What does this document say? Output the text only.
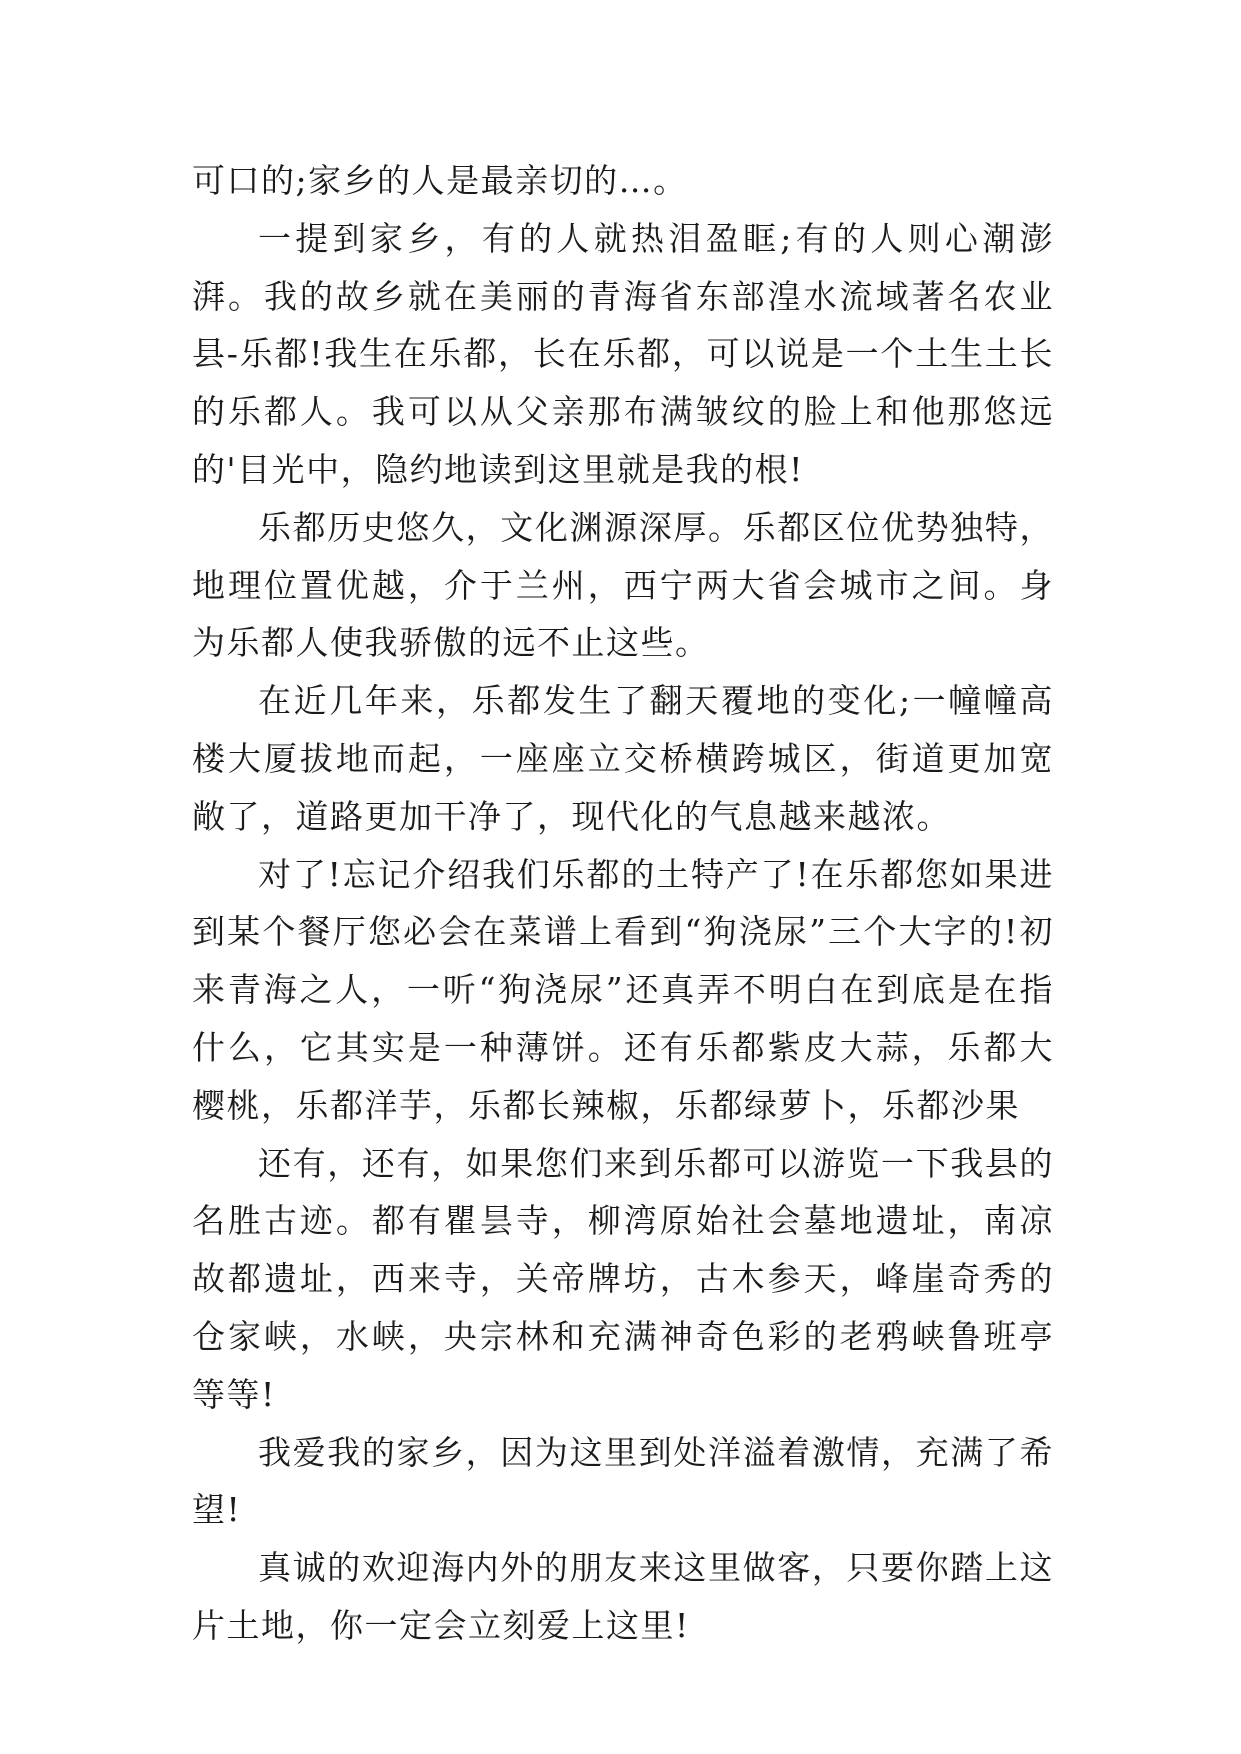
可口的;家乡的人是最亲切的…。

一提到家乡，有的人就热泪盈眶;有的人则心潮澎湃。我的故乡就在美丽的青海省东部湟水流域著名农业县-乐都!我生在乐都，长在乐都，可以说是一个土生土长的乐都人。我可以从父亲那布满皱纹的脸上和他那悠远的'目光中，隐约地读到这里就是我的根!

乐都历史悠久，文化渊源深厚。乐都区位优势独特，地理位置优越，介于兰州，西宁两大省会城市之间。身为乐都人使我骄傲的远不止这些。

在近几年来，乐都发生了翻天覆地的变化;一幢幢高楼大厦拔地而起，一座座立交桥横跨城区，街道更加宽敞了，道路更加干净了，现代化的气息越来越浓。

对了!忘记介绍我们乐都的土特产了!在乐都您如果进到某个餐厅您必会在菜谱上看到“狗浇尿”三个大字的!初来青海之人，一听“狗浇尿”还真弄不明白在到底是在指什么，它其实是一种薄饼。还有乐都紫皮大蒜，乐都大樱桃，乐都洋芋，乐都长辣椒，乐都绿萝卜，乐都沙果

还有，还有，如果您们来到乐都可以游览一下我县的名胜古迹。都有瞿昙寺，柳湾原始社会墓地遗址，南凉故都遗址，西来寺，关帝牌坊，古木参天，峰崖奇秀的仓家峡，水峡，央宗林和充满神奇色彩的老鸦峡鲁班亭等等!

我爱我的家乡，因为这里到处洋溢着激情，充满了希望!

真诚的欢迎海内外的朋友来这里做客，只要你踏上这片土地，你一定会立刻爱上这里!
